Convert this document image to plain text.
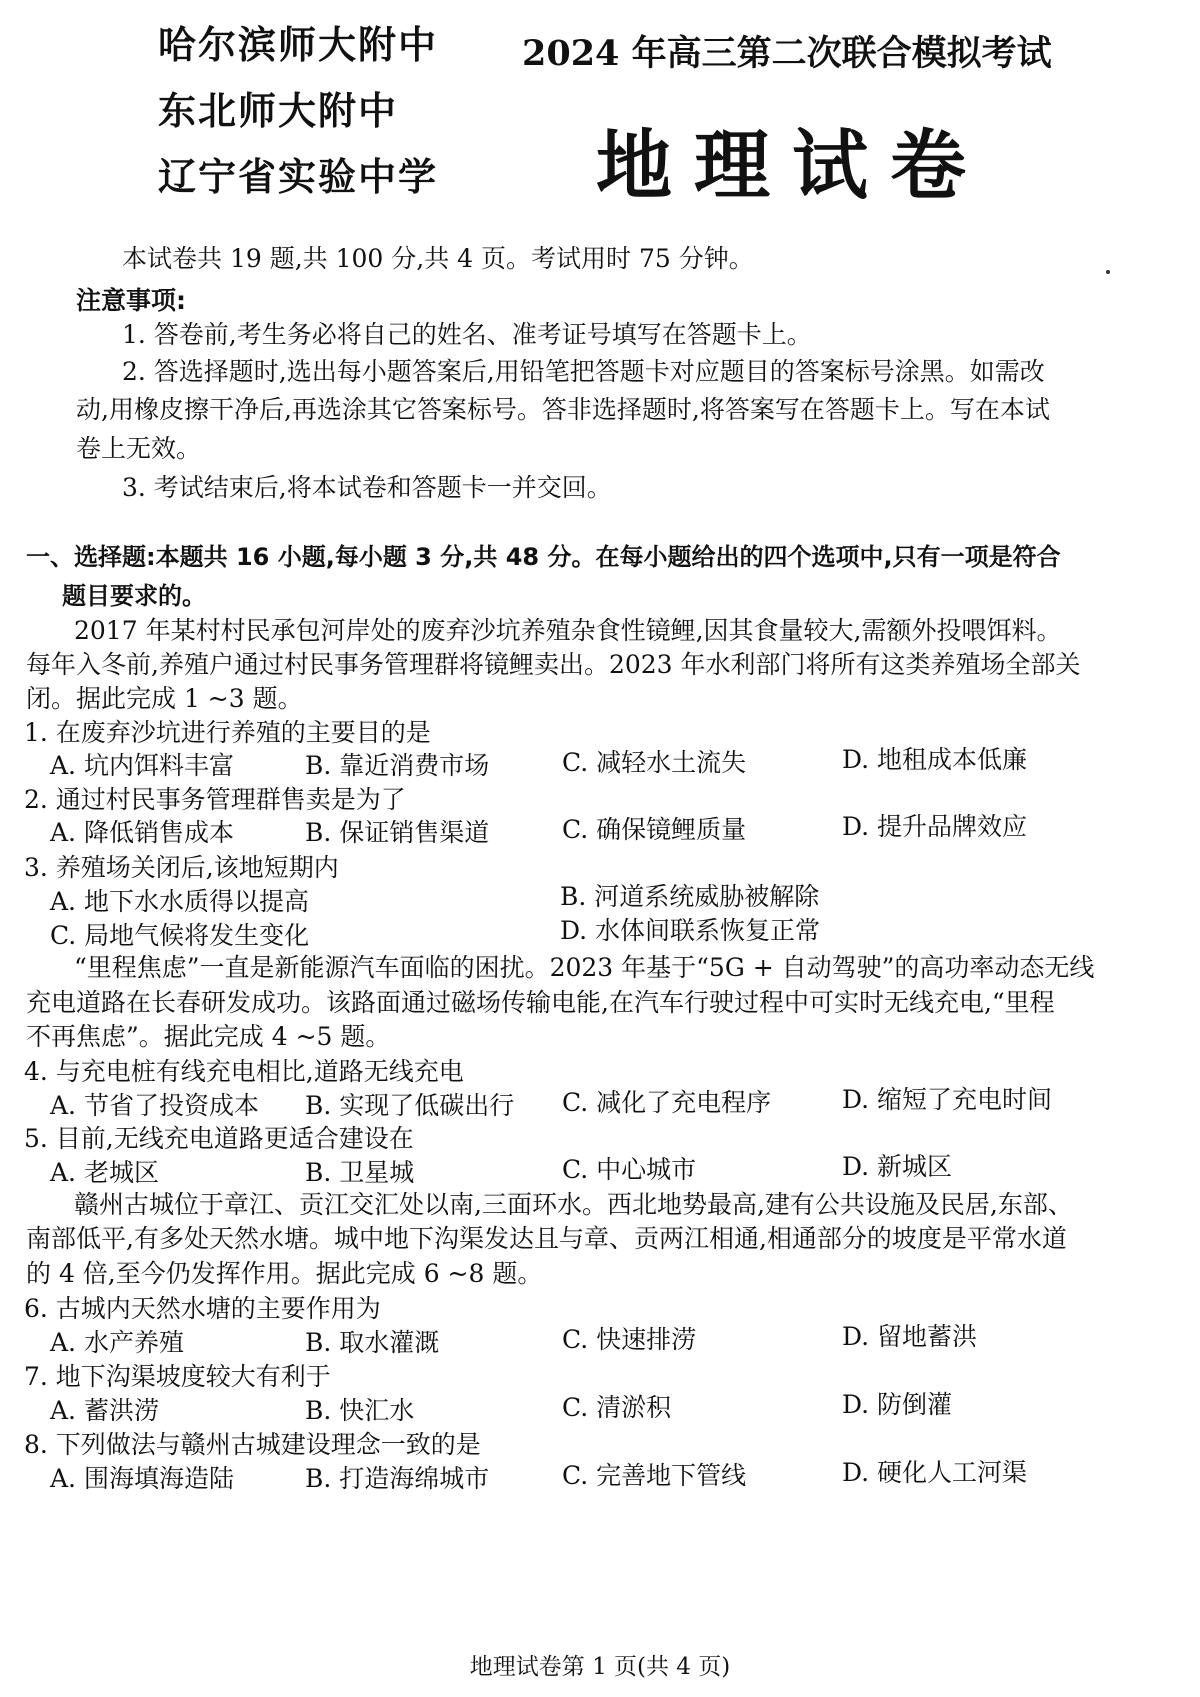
哈尔滨师大附中
东北师大附中
辽宁省实验中学
2024 年高三第二次联合模拟考试
地理试卷
本试卷共 19 题,共 100 分,共 4 页。考试用时 75 分钟。
注意事项:
1. 答卷前,考生务必将自己的姓名、准考证号填写在答题卡上。
2. 答选择题时,选出每小题答案后,用铅笔把答题卡对应题目的答案标号涂黑。如需改
动,用橡皮擦干净后,再选涂其它答案标号。答非选择题时,将答案写在答题卡上。写在本试
卷上无效。
3. 考试结束后,将本试卷和答题卡一并交回。
一、选择题:本题共 16 小题,每小题 3 分,共 48 分。在每小题给出的四个选项中,只有一项是符合
题目要求的。
2017 年某村村民承包河岸处的废弃沙坑养殖杂食性镜鲤,因其食量较大,需额外投喂饵料。
每年入冬前,养殖户通过村民事务管理群将镜鲤卖出。2023 年水利部门将所有这类养殖场全部关
闭。据此完成 1 ~3 题。
1. 在废弃沙坑进行养殖的主要目的是
A. 坑内饵料丰富	B. 靠近消费市场	C. 减轻水土流失	D. 地租成本低廉
2. 通过村民事务管理群售卖是为了
A. 降低销售成本	B. 保证销售渠道	C. 确保镜鲤质量	D. 提升品牌效应
3. 养殖场关闭后,该地短期内
A. 地下水水质得以提高	B. 河道系统威胁被解除
C. 局地气候将发生变化	D. 水体间联系恢复正常
“里程焦虑”一直是新能源汽车面临的困扰。2023 年基于“5G + 自动驾驶”的高功率动态无线
充电道路在长春研发成功。该路面通过磁场传输电能,在汽车行驶过程中可实时无线充电,“里程
不再焦虑”。据此完成 4 ~5 题。
4. 与充电桩有线充电相比,道路无线充电
A. 节省了投资成本 B. 实现了低碳出行 C. 减化了充电程序	D. 缩短了充电时间
5. 目前,无线充电道路更适合建设在
A. 老城区	B. 卫星城	C. 中心城市	D. 新城区
赣州古城位于章江、贡江交汇处以南,三面环水。西北地势最高,建有公共设施及民居,东部、
南部低平,有多处天然水塘。城中地下沟渠发达且与章、贡两江相通,相通部分的坡度是平常水道
的 4 倍,至今仍发挥作用。据此完成 6 ~8 题。
6. 古城内天然水塘的主要作用为
A. 水产养殖	B. 取水灌溉	C. 快速排涝	D. 留地蓄洪
7. 地下沟渠坡度较大有利于
A. 蓄洪涝	B. 快汇水	C. 清淤积	D. 防倒灌
8. 下列做法与赣州古城建设理念一致的是
A. 围海填海造陆	B. 打造海绵城市	C. 完善地下管线	D. 硬化人工河渠
地理试卷第 1 页(共 4 页)
